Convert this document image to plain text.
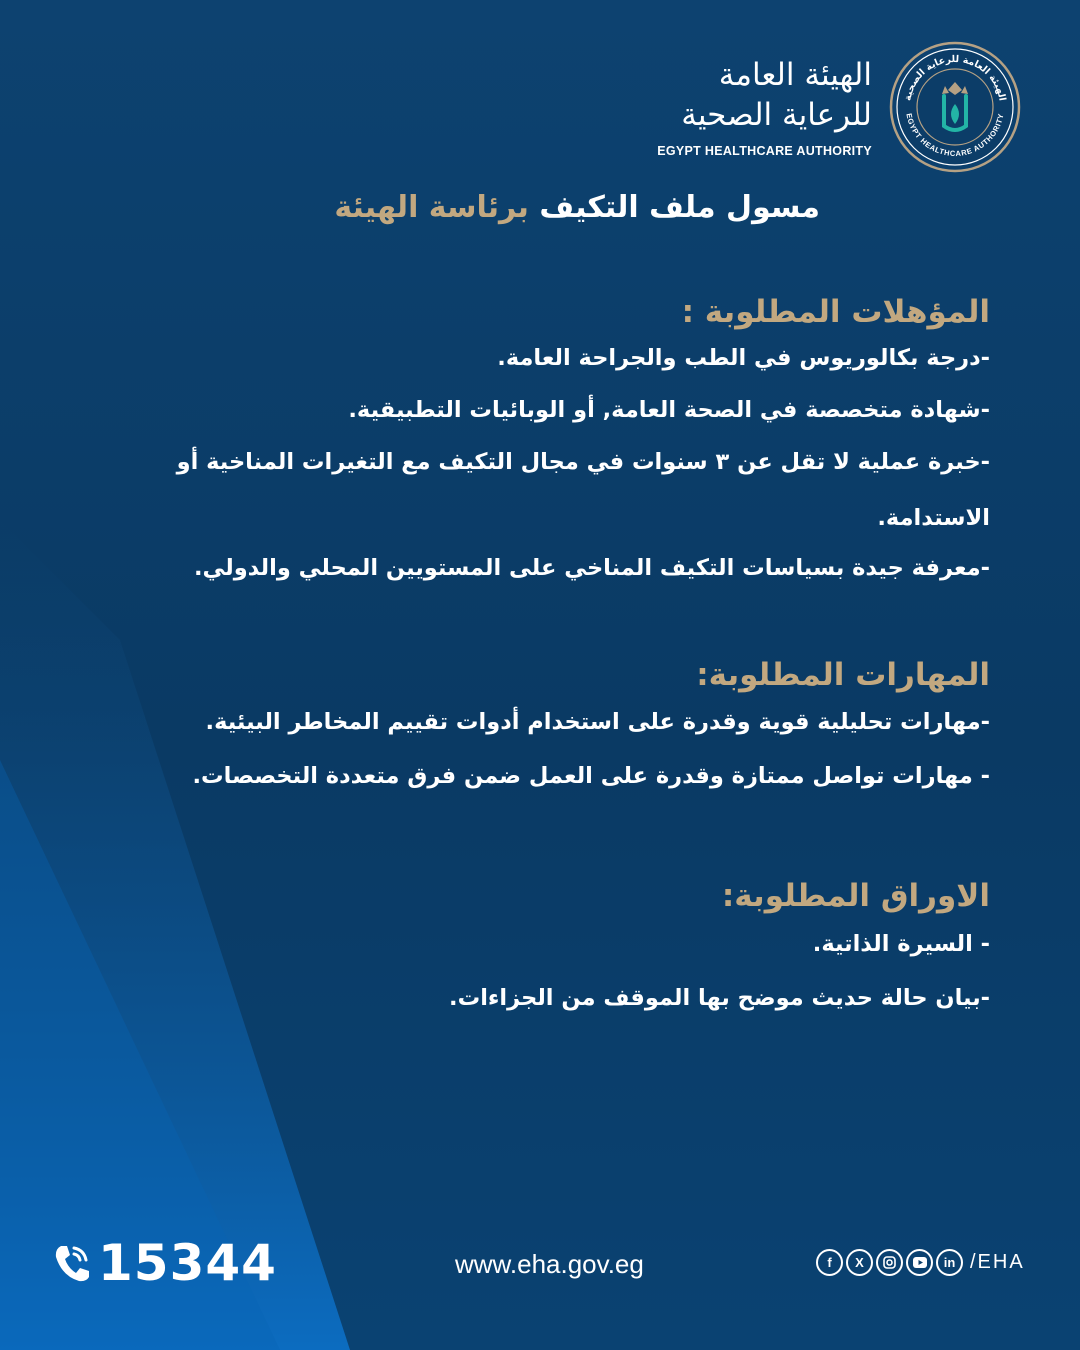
الهيئة العامة
للرعاية الصحية
EGYPT HEALTHCARE AUTHORITY
الهيئة العامة للرعاية الصحية
EGYPT HEALTHCARE AUTHORITY
مسول ملف التكيف برئاسة الهيئة
المؤهلات المطلوبة :
-درجة بكالوريوس في الطب والجراحة العامة.
-شهادة متخصصة في الصحة العامة, أو الوبائيات التطبيقية.
-خبرة عملية لا تقل عن ٣ سنوات في مجال التكيف مع التغيرات المناخية أو الاستدامة.
-معرفة جيدة بسياسات التكيف المناخي على المستويين المحلي والدولي.
المهارات المطلوبة:
-مهارات تحليلية قوية وقدرة على استخدام أدوات تقييم المخاطر البيئية.
- مهارات تواصل ممتازة وقدرة على العمل ضمن فرق متعددة التخصصات.
الاوراق المطلوبة:
- السيرة الذاتية.
-بيان حالة حديث موضح بها الموقف من الجزاءات.
15344	www.eha.gov.eg	f	X	in /EHA
